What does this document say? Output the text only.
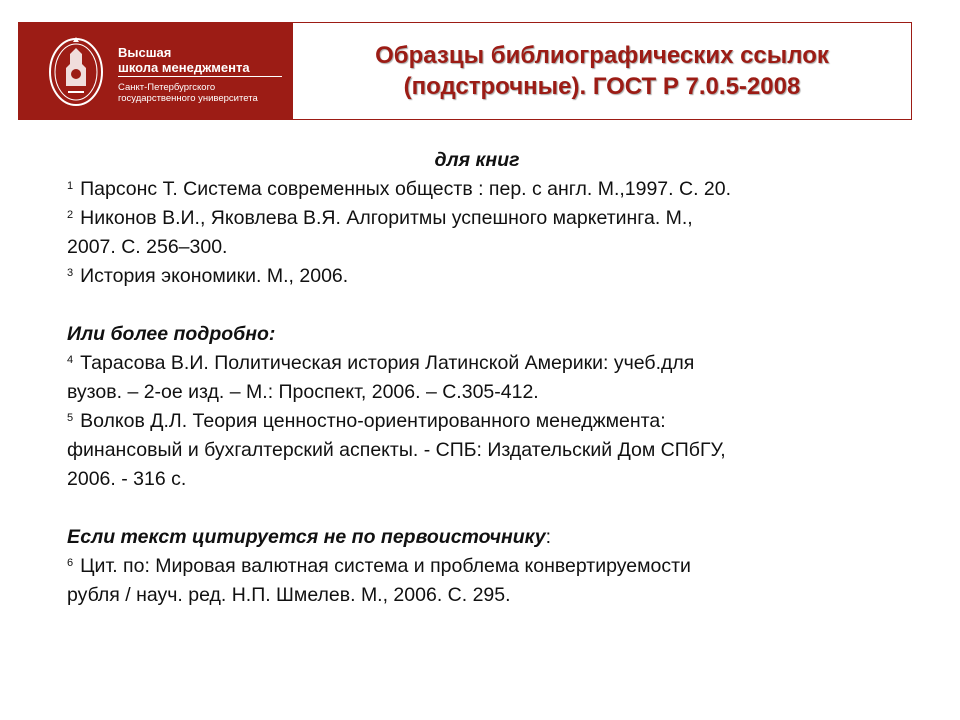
Высшая
школа менеджмента
Санкт-Петербургского
государственного университета
Образцы библиографических ссылок
(подстрочные). ГОСТ Р 7.0.5-2008

для книг

$^1$ Парсонс Т. Система современных обществ : пер. с англ. М.,1997. С. 20.

$^2$ Никонов В.И., Яковлева В.Я. Алгоритмы успешного маркетинга. М.,
2007. С. 256–300.

$^3$ История экономики. М., 2006.

Или более подробно:

$^4$ Тарасова В.И. Политическая история Латинской Америки: учеб.для
вузов. – 2-ое изд. – М.: Проспект, 2006. – С.305-412.

$^5$ Волков Д.Л. Теория ценностно-ориентированного менеджмента:
финансовый и бухгалтерский аспекты. - СПБ: Издательский Дом СПбГУ,
2006. - 316 с.

Если текст цитируется не по первоисточнику:

$^6$ Цит. по: Мировая валютная система и проблема конвертируемости
рубля / науч. ред. Н.П. Шмелев. М., 2006. С. 295.
